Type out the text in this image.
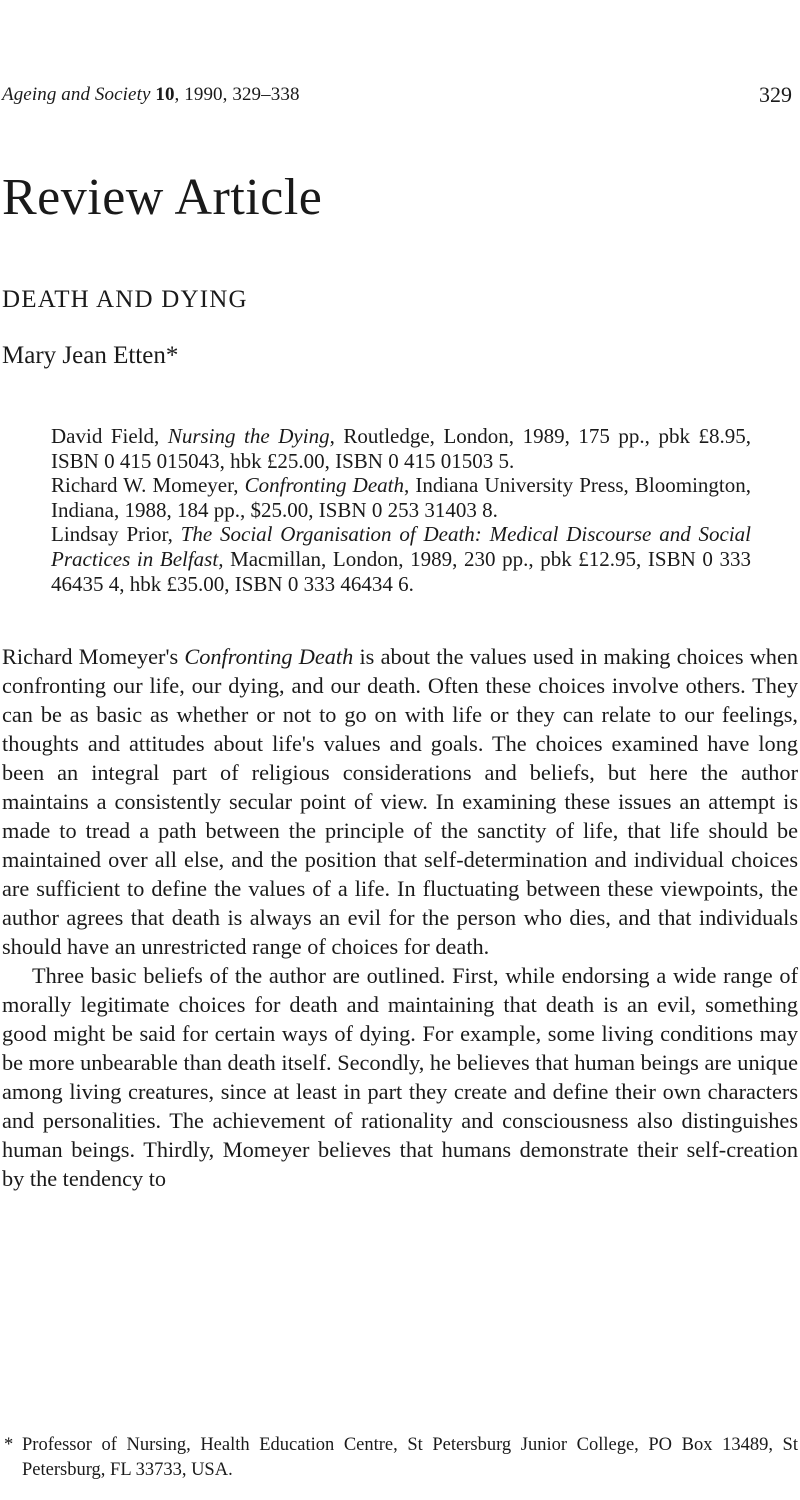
Ageing and Society 10, 1990, 329–338	329
Review Article
DEATH AND DYING
Mary Jean Etten*
David Field, Nursing the Dying, Routledge, London, 1989, 175 pp., pbk £8.95, ISBN 0 415 015043, hbk £25.00, ISBN 0 415 01503 5.
Richard W. Momeyer, Confronting Death, Indiana University Press, Bloomington, Indiana, 1988, 184 pp., $25.00, ISBN 0 253 31403 8.
Lindsay Prior, The Social Organisation of Death: Medical Discourse and Social Practices in Belfast, Macmillan, London, 1989, 230 pp., pbk £12.95, ISBN 0 333 46435 4, hbk £35.00, ISBN 0 333 46434 6.

Richard Momeyer's Confronting Death is about the values used in making choices when confronting our life, our dying, and our death. Often these choices involve others. They can be as basic as whether or not to go on with life or they can relate to our feelings, thoughts and attitudes about life's values and goals. The choices examined have long been an integral part of religious considerations and beliefs, but here the author maintains a consistently secular point of view. In examining these issues an attempt is made to tread a path between the principle of the sanctity of life, that life should be maintained over all else, and the position that self-determination and individual choices are sufficient to define the values of a life. In fluctuating between these viewpoints, the author agrees that death is always an evil for the person who dies, and that individuals should have an unrestricted range of choices for death.

Three basic beliefs of the author are outlined. First, while endorsing a wide range of morally legitimate choices for death and maintaining that death is an evil, something good might be said for certain ways of dying. For example, some living conditions may be more unbearable than death itself. Secondly, he believes that human beings are unique among living creatures, since at least in part they create and define their own characters and personalities. The achievement of rationality and consciousness also distinguishes human beings. Thirdly, Momeyer believes that humans demonstrate their self-creation by the tendency to

* Professor of Nursing, Health Education Centre, St Petersburg Junior College, PO Box 13489, St Petersburg, FL 33733, USA.
